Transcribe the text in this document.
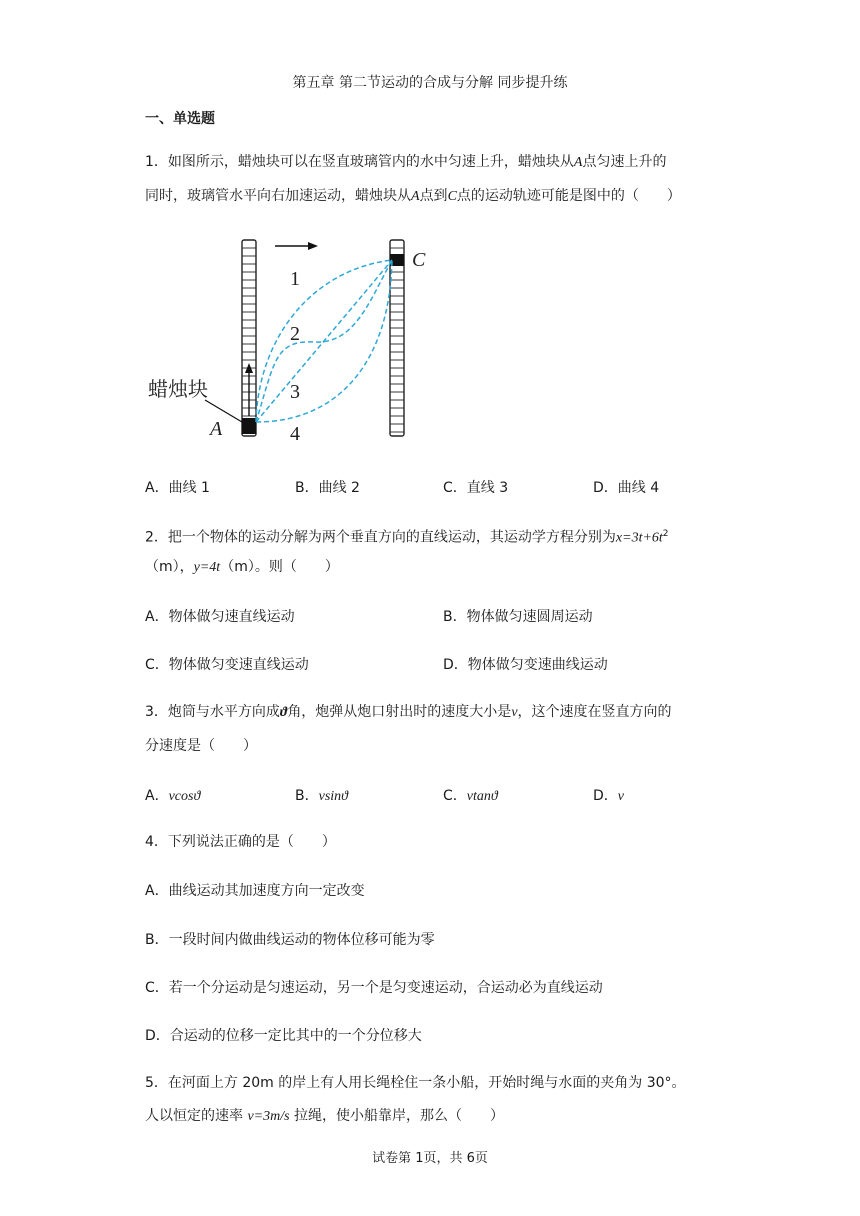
第五章 第二节运动的合成与分解 同步提升练
一、单选题
1．如图所示，蜡烛块可以在竖直玻璃管内的水中匀速上升，蜡烛块从A点匀速上升的
同时，玻璃管水平向右加速运动，蜡烛块从A点到C点的运动轨迹可能是图中的（　　）
1
2
3
4
蜡烛块
A
C
A．曲线 1	B．曲线 2	C．直线 3	D．曲线 4
2．把一个物体的运动分解为两个垂直方向的直线运动，其运动学方程分别为$x=3t+6t^2$
（m），y=4t（m）。则（　　）
A．物体做匀速直线运动	B．物体做匀速圆周运动
C．物体做匀变速直线运动	D．物体做匀变速曲线运动
3．炮筒与水平方向成ϑ角，炮弹从炮口射出时的速度大小是v，这个速度在竖直方向的
分速度是（　　）
A．vcosϑ	B．vsinϑ	C．vtanϑ	D．v
4．下列说法正确的是（　　）
A．曲线运动其加速度方向一定改变
B．一段时间内做曲线运动的物体位移可能为零
C．若一个分运动是匀速运动，另一个是匀变速运动，合运动必为直线运动
D．合运动的位移一定比其中的一个分位移大
5．在河面上方 20m 的岸上有人用长绳栓住一条小船，开始时绳与水面的夹角为 30°。
人以恒定的速率 v=3m/s 拉绳，使小船靠岸，那么（　　）
试卷第 1页，共 6页
